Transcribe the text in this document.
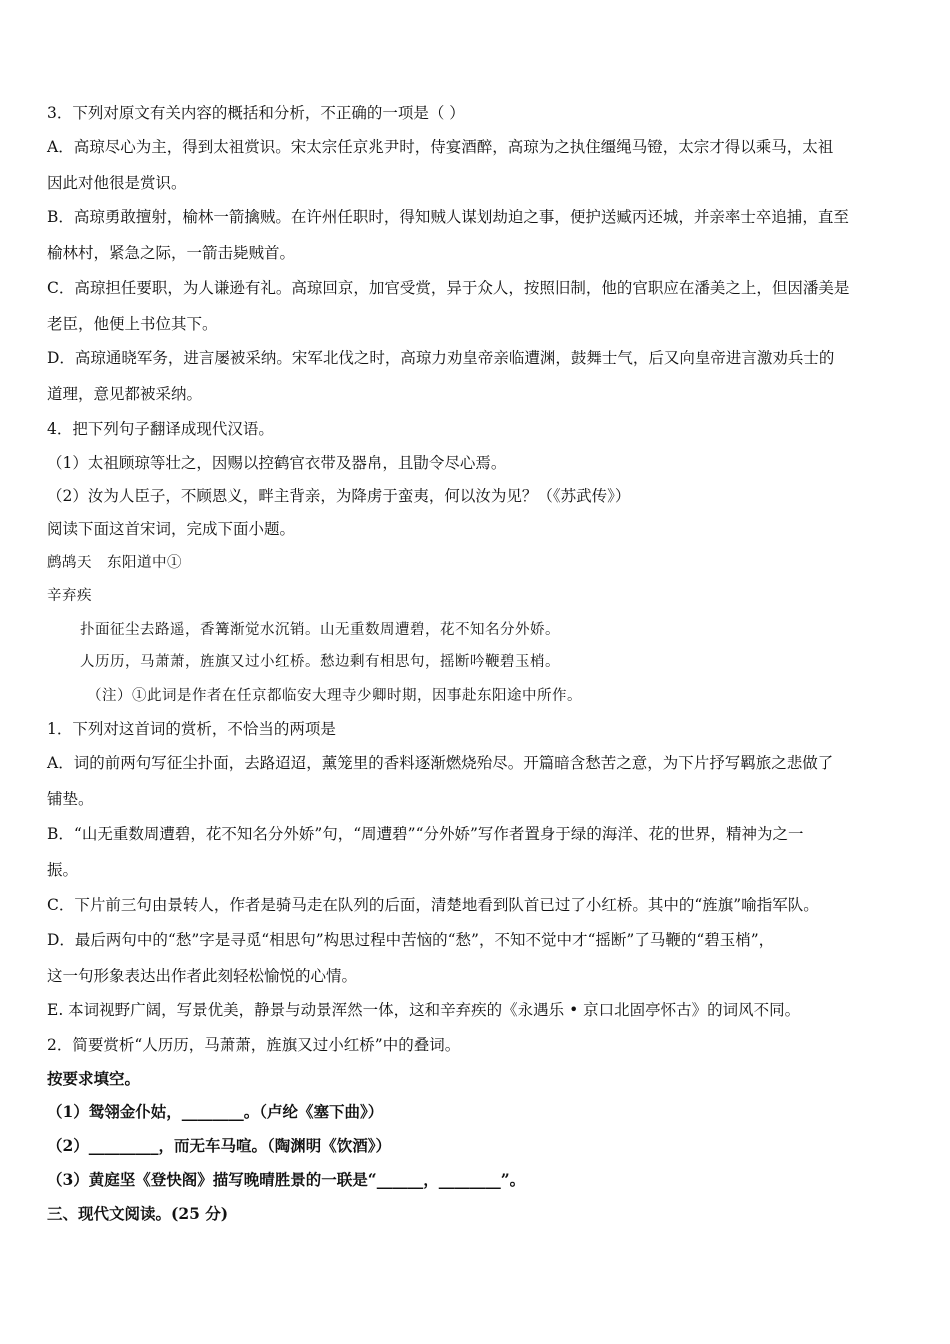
3．下列对原文有关内容的概括和分析，不正确的一项是（ ）
A．高琼尽心为主，得到太祖赏识。宋太宗任京兆尹时，侍宴酒醉，高琼为之执住缰绳马镫，太宗才得以乘马，太祖
因此对他很是赏识。
B．高琼勇敢擅射，榆林一箭擒贼。在许州任职时，得知贼人谋划劫迫之事，便护送臧丙还城，并亲率士卒追捕，直至
榆林村，紧急之际，一箭击毙贼首。
C．高琼担任要职，为人谦逊有礼。高琼回京，加官受赏，异于众人，按照旧制，他的官职应在潘美之上，但因潘美是
老臣，他便上书位其下。
D．高琼通晓军务，进言屡被采纳。宋军北伐之时，高琼力劝皇帝亲临遭渊，鼓舞士气，后又向皇帝进言激劝兵士的
道理，意见都被采纳。
4．把下列句子翻译成现代汉语。
（1）太祖顾琼等壮之，因赐以控鹤官衣带及器帛，且勖令尽心焉。
（2）汝为人臣子，不顾恩义，畔主背亲，为降虏于蛮夷，何以汝为见？（《苏武传》）
阅读下面这首宋词，完成下面小题。
鹧鸪天　东阳道中①
辛弃疾
扑面征尘去路遥，香篝渐觉水沉销。山无重数周遭碧，花不知名分外娇。
人历历，马萧萧，旌旗又过小红桥。愁边剩有相思句，摇断吟鞭碧玉梢。
（注）①此词是作者在任京都临安大理寺少卿时期，因事赴东阳途中所作。
1．下列对这首词的赏析，不恰当的两项是
A．词的前两句写征尘扑面，去路迢迢，薰笼里的香料逐渐燃烧殆尽。开篇暗含愁苦之意，为下片抒写羁旅之悲做了
铺垫。
B．“山无重数周遭碧，花不知名分外娇”句，“周遭碧”“分外娇”写作者置身于绿的海洋、花的世界，精神为之一
振。
C．下片前三句由景转人，作者是骑马走在队列的后面，清楚地看到队首已过了小红桥。其中的“旌旗”喻指军队。
D．最后两句中的“愁”字是寻觅“相思句”构思过程中苦恼的“愁”，不知不觉中才“摇断”了马鞭的“碧玉梢”，
这一句形象表达出作者此刻轻松愉悦的心情。
E. 本词视野广阔，写景优美，静景与动景浑然一体，这和辛弃疾的《永遇乐 • 京口北固亭怀古》的词风不同。
2．简要赏析“人历历，马萧萧，旌旗又过小红桥”中的叠词。
按要求填空。
（1）鸳翎金仆姑，________。（卢纶《塞下曲》）
（2）_________，而无车马喧。（陶渊明《饮酒》）
（3）黄庭坚《登快阁》描写晚晴胜景的一联是“______，________”。
三、现代文阅读。(25 分)
